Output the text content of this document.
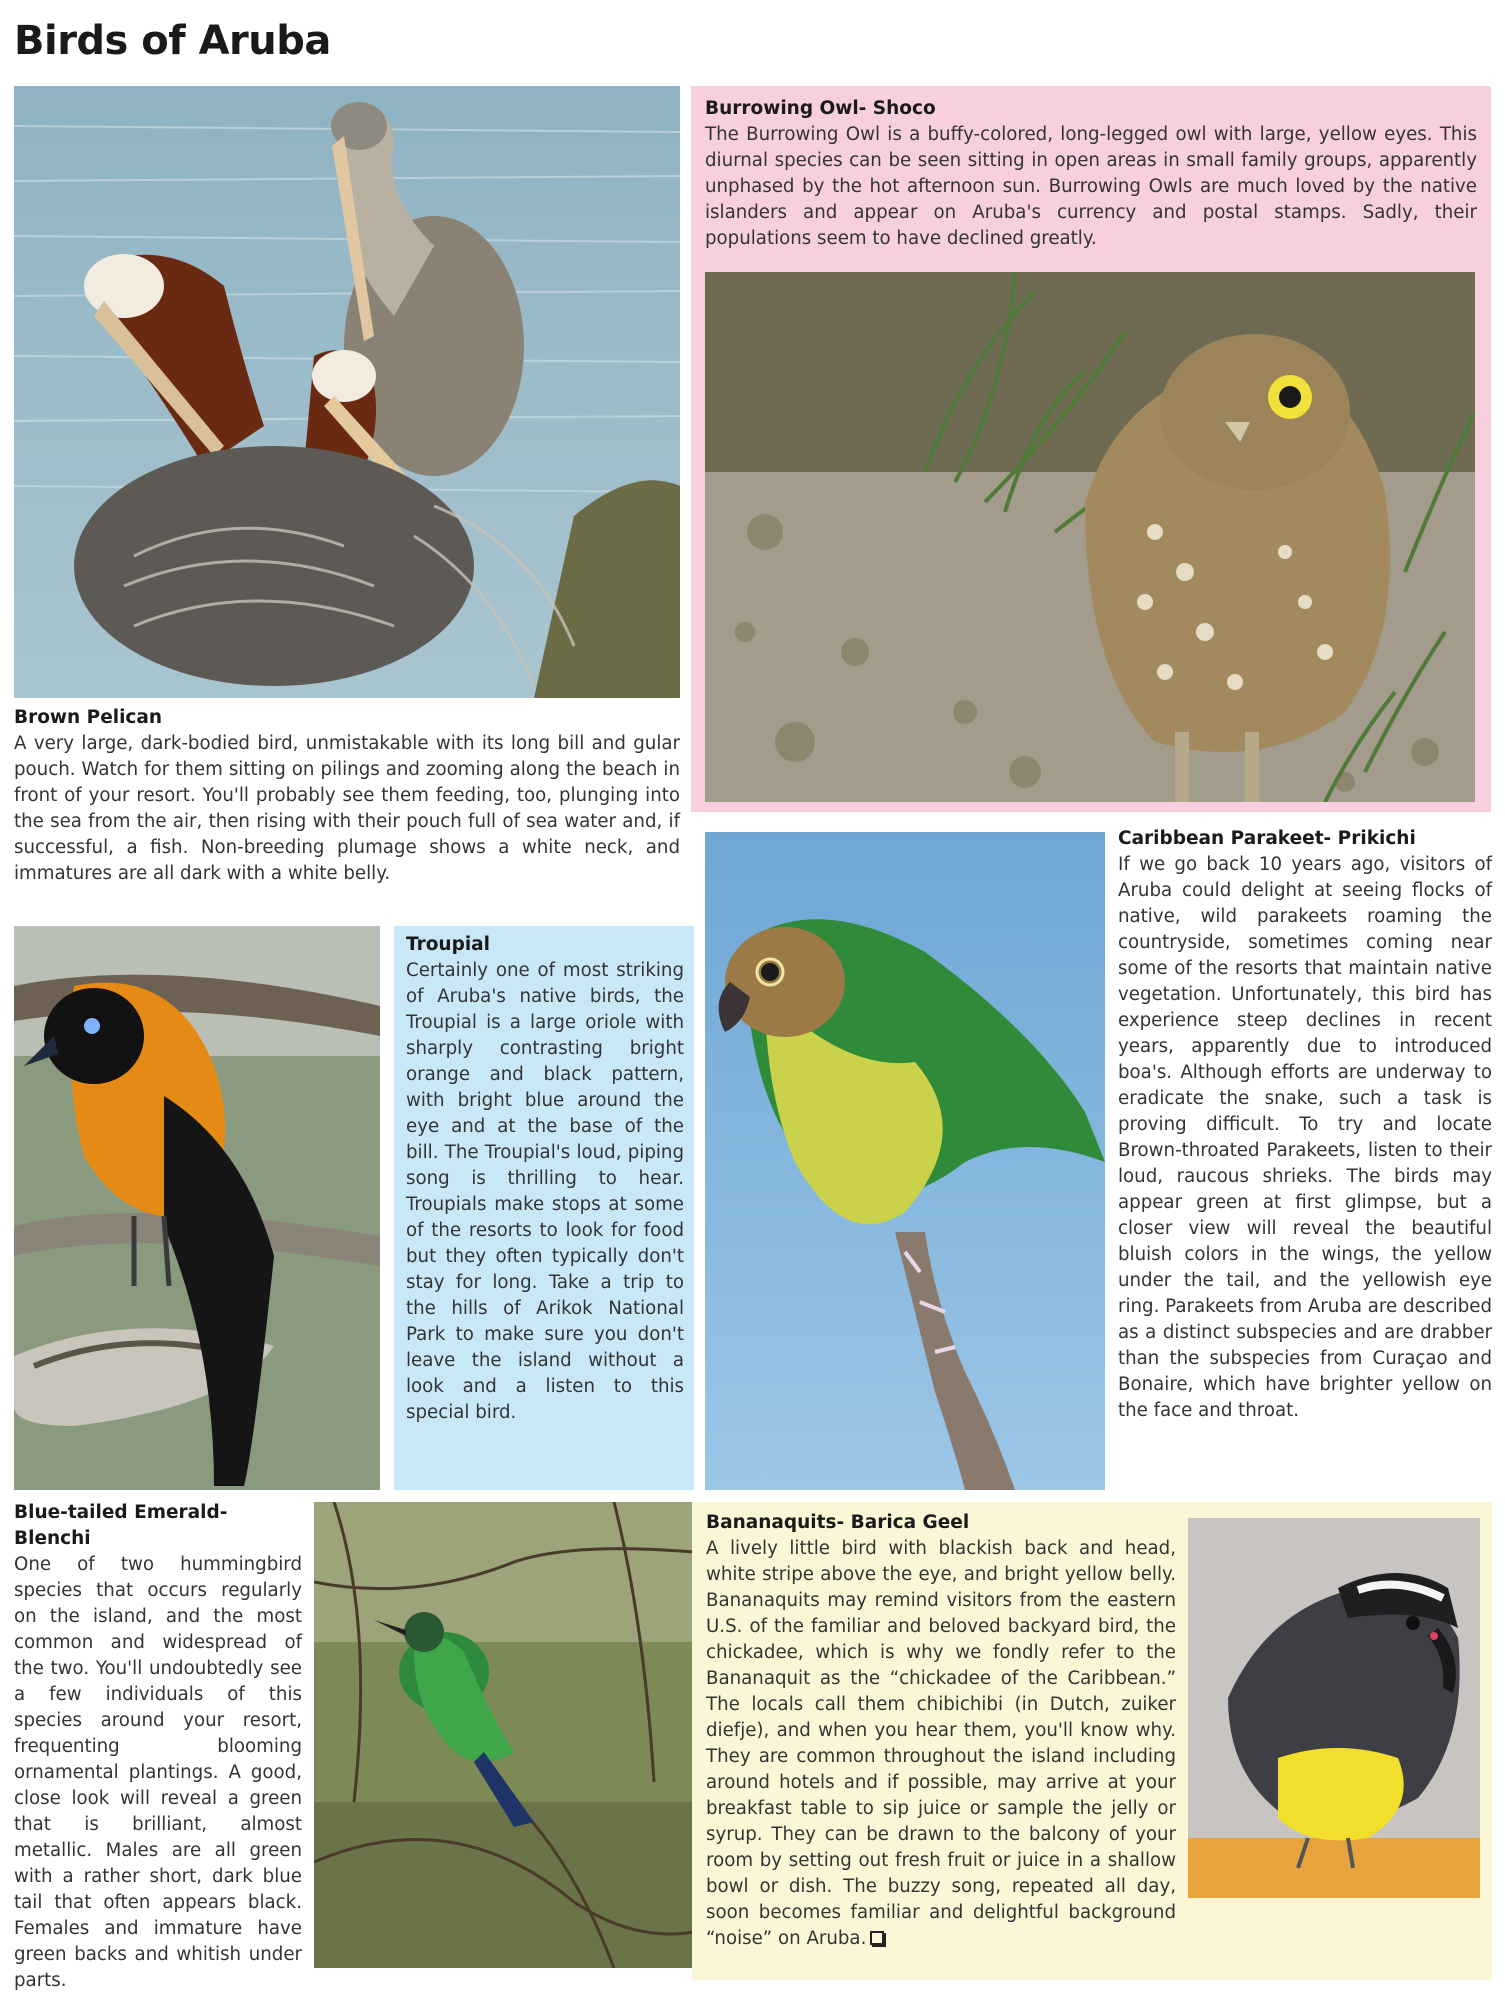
Birds of Aruba
Brown Pelican
A very large, dark-bodied bird, unmistakable with its long bill and gular pouch. Watch for them sitting on pilings and zooming along the beach in front of your resort. You'll probably see them feeding, too, plunging into the sea from the air, then rising with their pouch full of sea water and, if successful, a fish. Non-breeding plumage shows a white neck, and immatures are all dark with a white belly.
Burrowing Owl- Shoco
The Burrowing Owl is a buffy-colored, long-legged owl with large, yellow eyes. This diurnal species can be seen sitting in open areas in small family groups, apparently unphased by the hot afternoon sun. Burrowing Owls are much loved by the native islanders and appear on Aruba's currency and postal stamps. Sadly, their populations seem to have declined greatly.
Troupial
Certainly one of most striking of Aruba's native birds, the Troupial is a large oriole with sharply contrasting bright orange and black pattern, with bright blue around the eye and at the base of the bill. The Troupial's loud, piping song is thrilling to hear. Troupials make stops at some of the resorts to look for food but they often typically don't stay for long. Take a trip to the hills of Arikok National Park to make sure you don't leave the island without a look and a listen to this special bird.
Caribbean Parakeet- Prikichi
If we go back 10 years ago, visitors of Aruba could delight at seeing flocks of native, wild parakeets roaming the countryside, sometimes coming near some of the resorts that maintain native vegetation. Unfortunately, this bird has experience steep declines in recent years, apparently due to introduced boa's. Although efforts are underway to eradicate the snake, such a task is proving difficult. To try and locate Brown-throated Parakeets, listen to their loud, raucous shrieks. The birds may appear green at first glimpse, but a closer view will reveal the beautiful bluish colors in the wings, the yellow under the tail, and the yellowish eye ring. Parakeets from Aruba are described as a distinct subspecies and are drabber than the subspecies from Curaçao and Bonaire, which have brighter yellow on the face and throat.
Blue-tailed Emerald- Blenchi
One of two hummingbird species that occurs regularly on the island, and the most common and widespread of the two. You'll undoubtedly see a few individuals of this species around your resort, frequenting blooming ornamental plantings. A good, close look will reveal a green that is brilliant, almost metallic. Males are all green with a rather short, dark blue tail that often appears black. Females and immature have green backs and whitish under parts.
Bananaquits- Barica Geel
A lively little bird with blackish back and head, white stripe above the eye, and bright yellow belly. Bananaquits may remind visitors from the eastern U.S. of the familiar and beloved backyard bird, the chickadee, which is why we fondly refer to the Bananaquit as the “chickadee of the Caribbean.” The locals call them chibichibi (in Dutch, zuiker diefje), and when you hear them, you'll know why. They are common throughout the island including around hotels and if possible, may arrive at your breakfast table to sip juice or sample the jelly or syrup. They can be drawn to the balcony of your room by setting out fresh fruit or juice in a shallow bowl or dish. The buzzy song, repeated all day, soon becomes familiar and delightful background “noise” on Aruba.
